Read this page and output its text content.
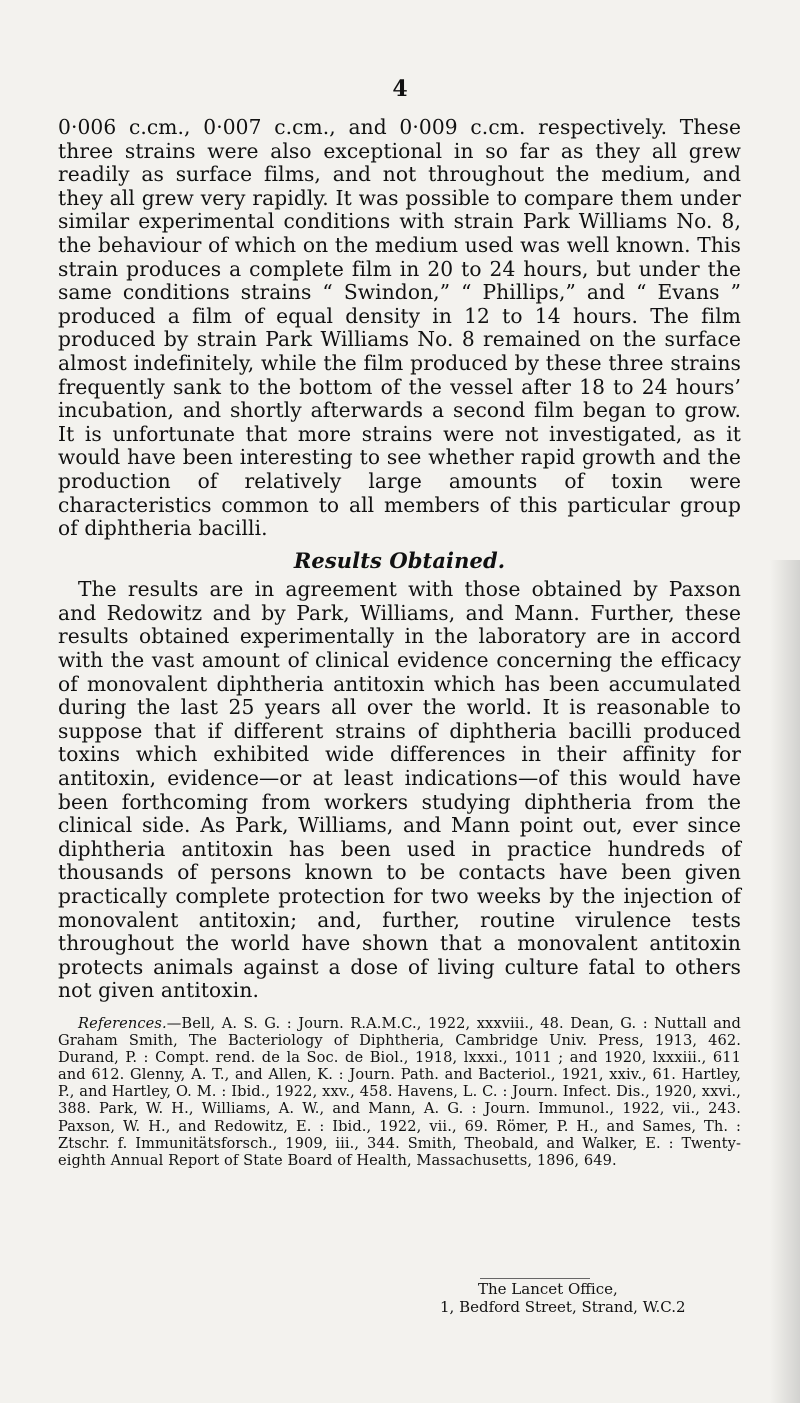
4

0·006 c.cm., 0·007 c.cm., and 0·009 c.cm. respectively. These three strains were also exceptional in so far as they all grew readily as surface films, and not throughout the medium, and they all grew very rapidly. It was possible to compare them under similar experimental conditions with strain Park Williams No. 8, the behaviour of which on the medium used was well known. This strain produces a complete film in 20 to 24 hours, but under the same conditions strains “ Swindon,” “ Phillips,” and “ Evans ” produced a film of equal density in 12 to 14 hours. The film produced by strain Park Williams No. 8 remained on the surface almost indefinitely, while the film produced by these three strains frequently sank to the bottom of the vessel after 18 to 24 hours’ incubation, and shortly afterwards a second film began to grow. It is unfortunate that more strains were not investigated, as it would have been interesting to see whether rapid growth and the production of relatively large amounts of toxin were characteristics common to all members of this particular group of diphtheria bacilli.

Results Obtained.

The results are in agreement with those obtained by Paxson and Redowitz and by Park, Williams, and Mann. Further, these results obtained experimentally in the laboratory are in accord with the vast amount of clinical evidence concerning the efficacy of monovalent diphtheria antitoxin which has been accumulated during the last 25 years all over the world. It is reasonable to suppose that if different strains of diphtheria bacilli produced toxins which exhibited wide differences in their affinity for antitoxin, evidence—or at least indications—of this would have been forthcoming from workers studying diphtheria from the clinical side. As Park, Williams, and Mann point out, ever since diphtheria antitoxin has been used in practice hundreds of thousands of persons known to be contacts have been given practically complete protection for two weeks by the injection of monovalent antitoxin; and, further, routine virulence tests throughout the world have shown that a monovalent antitoxin protects animals against a dose of living culture fatal to others not given antitoxin.

References.—Bell, A. S. G. : Journ. R.A.M.C., 1922, xxxviii., 48. Dean, G. : Nuttall and Graham Smith, The Bacteriology of Diphtheria, Cambridge Univ. Press, 1913, 462. Durand, P. : Compt. rend. de la Soc. de Biol., 1918, lxxxi., 1011 ; and 1920, lxxxiii., 611 and 612. Glenny, A. T., and Allen, K. : Journ. Path. and Bacteriol., 1921, xxiv., 61. Hartley, P., and Hartley, O. M. : Ibid., 1922, xxv., 458. Havens, L. C. : Journ. Infect. Dis., 1920, xxvi., 388. Park, W. H., Williams, A. W., and Mann, A. G. : Journ. Immunol., 1922, vii., 243. Paxson, W. H., and Redowitz, E. : Ibid., 1922, vii., 69. Römer, P. H., and Sames, Th. : Ztschr. f. Immunitätsforsch., 1909, iii., 344. Smith, Theobald, and Walker, E. : Twenty-eighth Annual Report of State Board of Health, Massachusetts, 1896, 649.
The Lancet Office,
1, Bedford Street, Strand, W.C.2
